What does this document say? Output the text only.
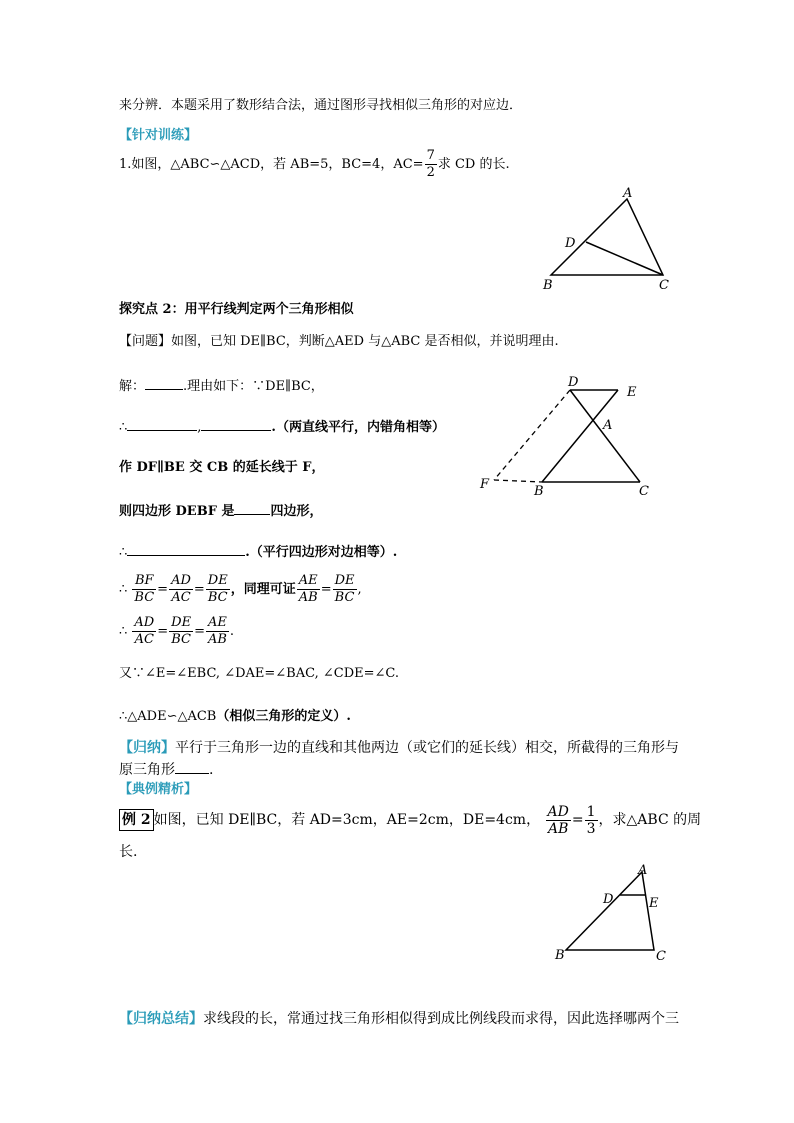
来分辨．本题采用了数形结合法，通过图形寻找相似三角形的对应边．
【针对训练】
1.如图，△ABC∽△ACD，若 AB=5，BC=4，$AC= \frac{7}{2}$ 求 CD 的长.
A
D
B	C
探究点 2：用平行线判定两个三角形相似
【问题】如图，已知 DE∥BC，判断△AED 与△ABC 是否相似，并说明理由.
解：	.理由如下：∵DE∥BC，
∴	,	.（两直线平行，内错角相等）
作 DF∥BE 交 CB 的延长线于 F，
则四边形 DEBF 是	四边形，
∴	.（平行四边形对边相等）.
D
E
A
F	B	C
∴ $\frac{BF}{BC} = \frac{AD}{AC} = \frac{DE}{BC}$ ，同理可证 $\frac{AE}{AB} = \frac{DE}{BC}$ ,
∴ $\frac{AD}{AC} = \frac{DE}{BC} = \frac{AE}{AB}$ .
又∵∠E=∠EBC, ∠DAE=∠BAC, ∠CDE=∠C.
∴△ADE∽△ACB（相似三角形的定义）.
【归纳】平行于三角形一边的直线和其他两边（或它们的延长线）相交，所截得的三角形与
原三角形 .
【典例精析】
例 2 如图，已知 DE∥BC，若 AD=3cm，AE=2cm，DE=4cm， $\frac{AD}{AB} = \frac{1}{3}$ ，求△ABC 的周
长.
A
D	E
B	C
【归纳总结】求线段的长，常通过找三角形相似得到成比例线段而求得，因此选择哪两个三
